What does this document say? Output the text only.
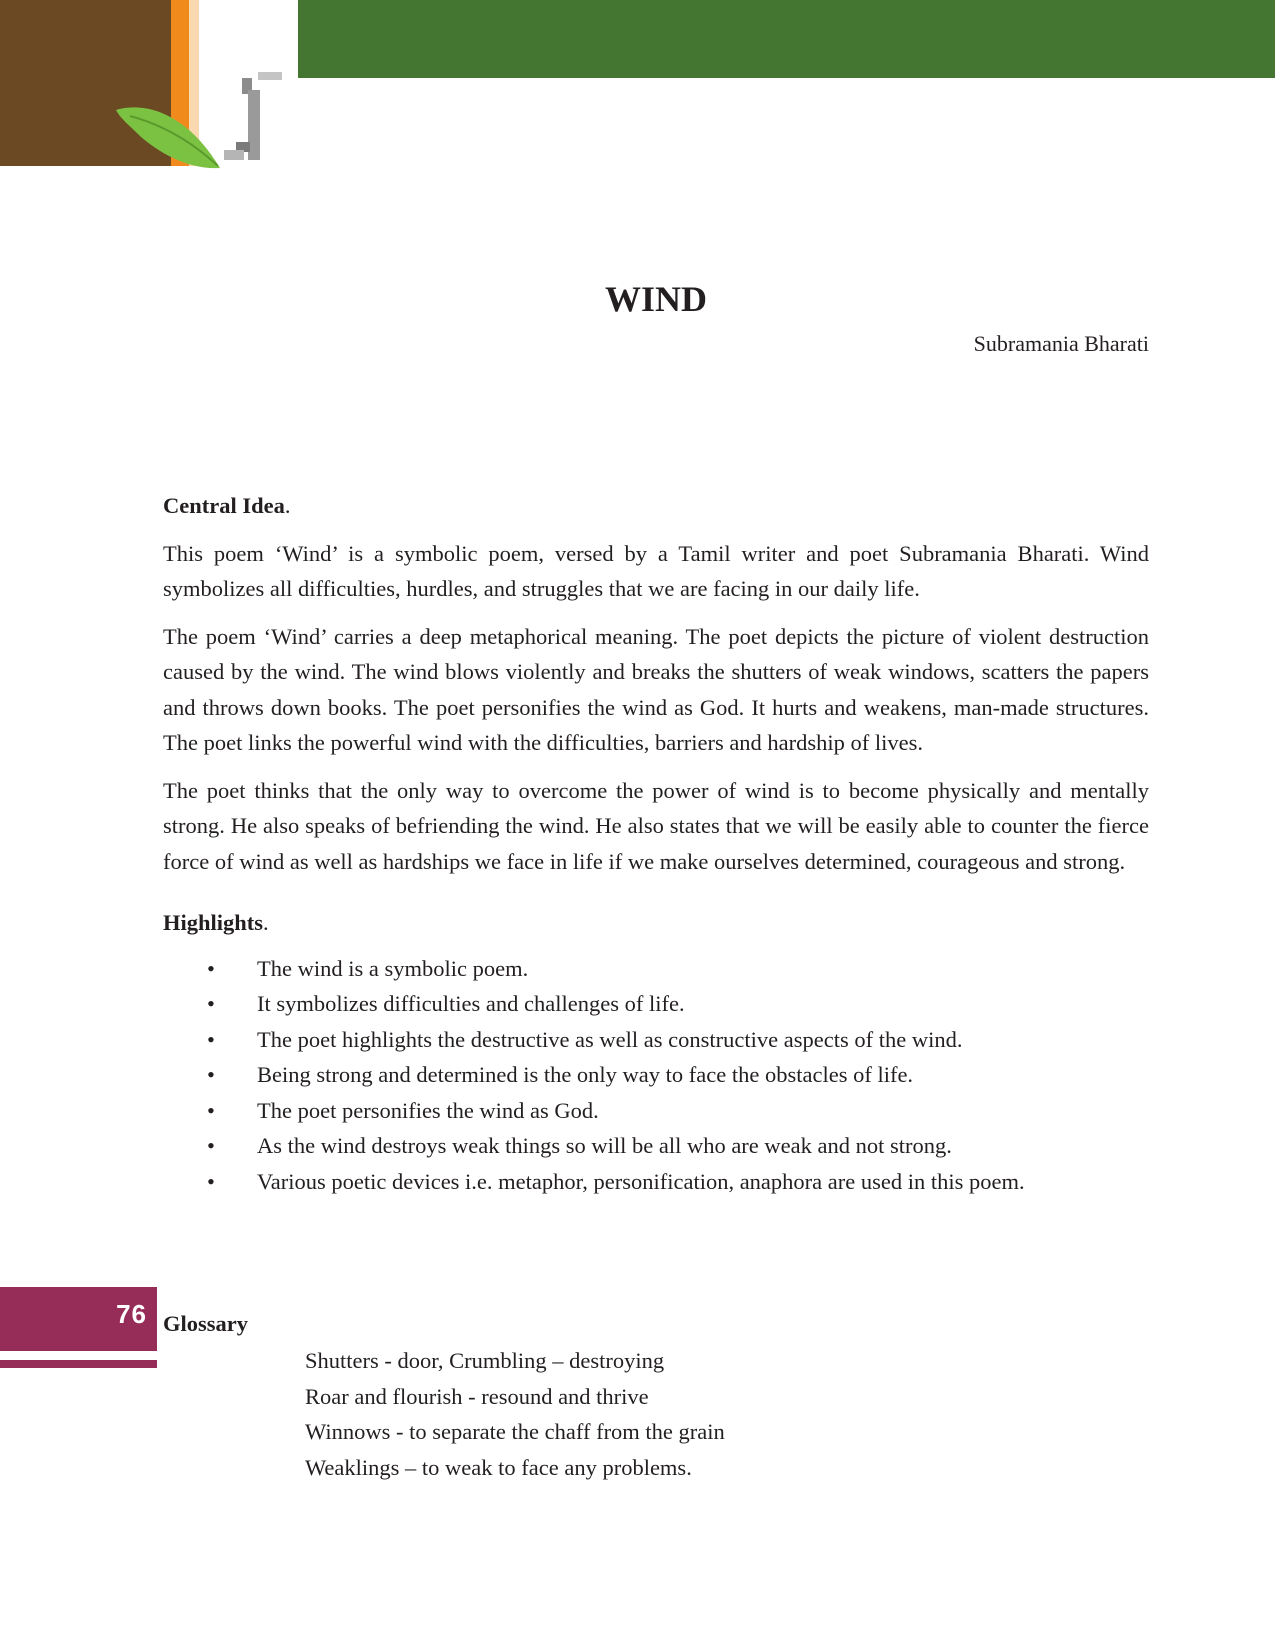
WIND

Subramania Bharati

Central Idea.

This poem ‘Wind’ is a symbolic poem, versed by a Tamil writer and poet Subramania Bharati. Wind symbolizes all difficulties, hurdles, and struggles that we are facing in our daily life.

The poem ‘Wind’ carries a deep metaphorical meaning. The poet depicts the picture of violent destruction caused by the wind. The wind blows violently and breaks the shutters of weak windows, scatters the papers and throws down books. The poet personifies the wind as God. It hurts and weakens, man-made structures. The poet links the powerful wind with the difficulties, barriers and hardship of lives.

The poet thinks that the only way to overcome the power of wind is to become physically and mentally strong. He also speaks of befriending the wind. He also states that we will be easily able to counter the fierce force of wind as well as hardships we face in life if we make ourselves determined, courageous and strong.

Highlights.

• The wind is a symbolic poem.
• It symbolizes difficulties and challenges of life.
• The poet highlights the destructive as well as constructive aspects of the wind.
• Being strong and determined is the only way to face the obstacles of life.
• The poet personifies the wind as God.
• As the wind destroys weak things so will be all who are weak and not strong.
• Various poetic devices i.e. metaphor, personification, anaphora are used in this poem.
76 Glossary

Shutters - door, Crumbling – destroying
Roar and flourish - resound and thrive
Winnows - to separate the chaff from the grain
Weaklings – to weak to face any problems.
